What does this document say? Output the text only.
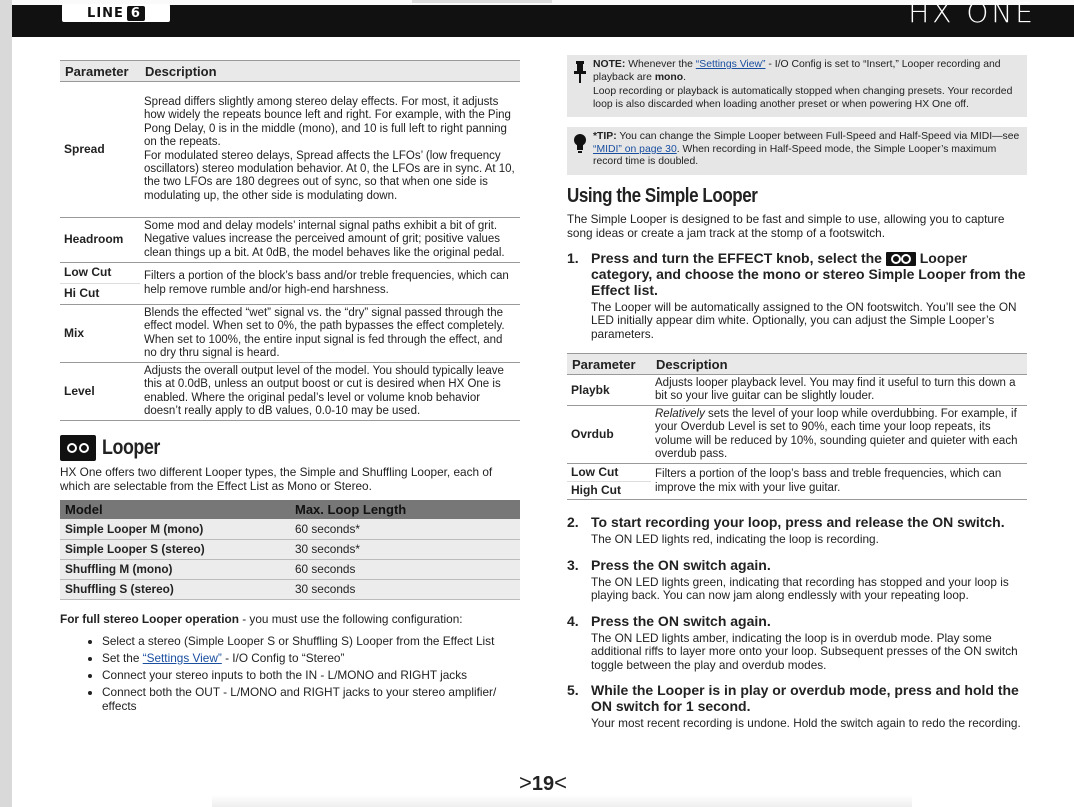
LINE 6	HX ONE
Parameter	Description
Spread	Spread differs slightly among stereo delay effects. For most, it adjusts how widely the repeats bounce left and right. For example, with the Ping Pong Delay, 0 is in the middle (mono), and 10 is full left to right panning on the repeats.
For modulated stereo delays, Spread affects the LFOs’ (low frequency oscillators) stereo modulation behavior. At 0, the LFOs are in sync. At 10, the two LFOs are 180 degrees out of sync, so that when one side is modulating up, the other side is modulating down.

Headroom	Some mod and delay models’ internal signal paths exhibit a bit of grit. Negative values increase the perceived amount of grit; positive values clean things up a bit. At 0dB, the model behaves like the original pedal.
Low Cut	Filters a portion of the block’s bass and/or treble frequencies, which can help remove rumble and/or high-end harshness.
Hi Cut	
Mix	Blends the effected “wet” signal vs. the “dry” signal passed through the effect model. When set to 0%, the path bypasses the effect completely. When set to 100%, the entire input signal is fed through the effect, and no dry thru signal is heard.
Level	Adjusts the overall output level of the model. You should typically leave this at 0.0dB, unless an output boost or cut is desired when HX One is enabled. Where the original pedal’s level or volume knob behavior doesn’t really apply to dB values, 0.0-10 may be used.
Looper
HX One offers two different Looper types, the Simple and Shuffling Looper, each of which are selectable from the Effect List as Mono or Stereo.
Model	Max. Loop Length
Simple Looper M (mono)	60 seconds*
Simple Looper S (stereo)	30 seconds*
Shuffling M (mono)	60 seconds
Shuffling S (stereo)	30 seconds
For full stereo Looper operation - you must use the following configuration:
• Select a stereo (Simple Looper S or Shuffling S) Looper from the Effect List
• Set the “Settings View” - I/O Config to “Stereo”
• Connect your stereo inputs to both the IN - L/MONO and RIGHT jacks
• Connect both the OUT - L/MONO and RIGHT jacks to your stereo amplifier/ effects

NOTE: Whenever the “Settings View” - I/O Config is set to “Insert,” Looper recording and playback are mono.

Loop recording or playback is automatically stopped when changing presets. Your recorded loop is also discarded when loading another preset or when powering HX One off.

*TIP: You can change the Simple Looper between Full-Speed and Half-Speed via MIDI—see “MIDI” on page 30. When recording in Half-Speed mode, the Simple Looper’s maximum record time is doubled.

Using the Simple Looper
The Simple Looper is designed to be fast and simple to use, allowing you to capture song ideas or create a jam track at the stomp of a footswitch.
1. Press and turn the EFFECT knob, select the  Looper category, and choose the mono or stereo Simple Looper from the Effect list.
The Looper will be automatically assigned to the ON footswitch. You’ll see the ON LED initially appear dim white. Optionally, you can adjust the Simple Looper’s parameters.
Parameter	Description
Playbk	Adjusts looper playback level. You may find it useful to turn this down a bit so your live guitar can be slightly louder.
Ovrdub	Relatively sets the level of your loop while overdubbing. For example, if your Overdub Level is set to 90%, each time your loop repeats, its volume will be reduced by 10%, sounding quieter and quieter with each overdub pass.
Low Cut	Filters a portion of the loop’s bass and treble frequencies, which can improve the mix with your live guitar.
High Cut	
2. To start recording your loop, press and release the ON switch.
The ON LED lights red, indicating the loop is recording.
3. Press the ON switch again.
The ON LED lights green, indicating that recording has stopped and your loop is playing back. You can now jam along endlessly with your repeating loop.
4. Press the ON switch again.
The ON LED lights amber, indicating the loop is in overdub mode. Play some additional riffs to layer more onto your loop. Subsequent presses of the ON switch toggle between the play and overdub modes.
5. While the Looper is in play or overdub mode, press and hold the ON switch for 1 second.
Your most recent recording is undone. Hold the switch again to redo the recording.
>19<
